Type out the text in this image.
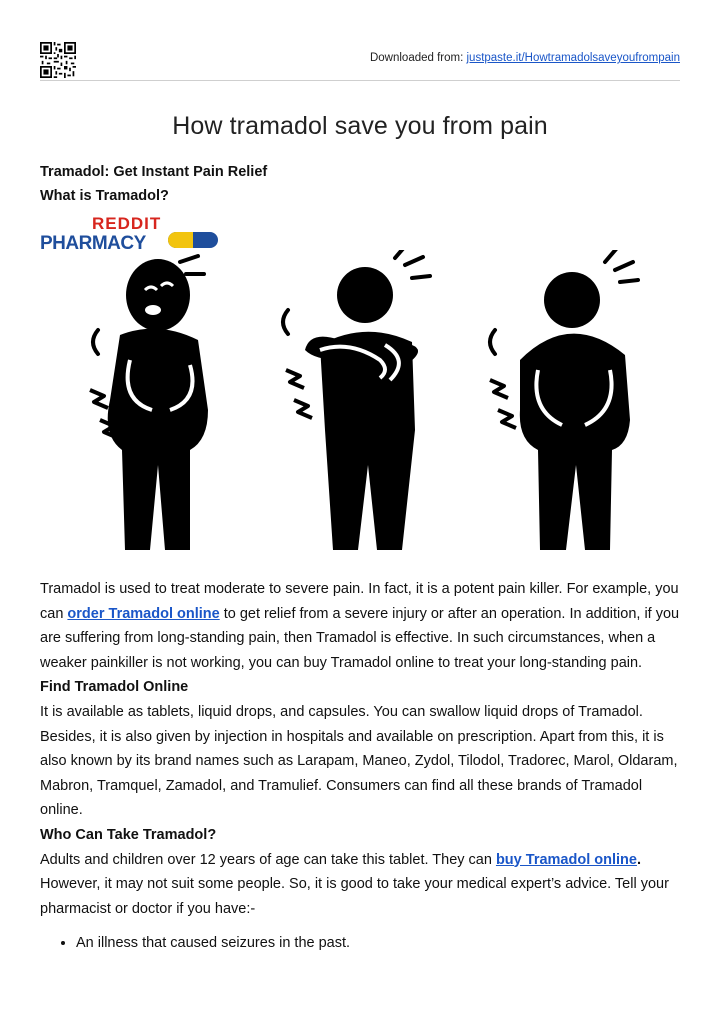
Downloaded from: justpaste.it/Howtramadolsaveyoufrompain
How tramadol save you from pain
Tramadol: Get Instant Pain Relief
What is Tramadol?
REDDIT
PHARMACY

Tramadol is used to treat moderate to severe pain. In fact, it is a potent pain killer. For example, you can order Tramadol online to get relief from a severe injury or after an operation. In addition, if you are suffering from long-standing pain, then Tramadol is effective. In such circumstances, when a weaker painkiller is not working, you can buy Tramadol online to treat your long-standing pain.

Find Tramadol Online

It is available as tablets, liquid drops, and capsules. You can swallow liquid drops of Tramadol. Besides, it is also given by injection in hospitals and available on prescription. Apart from this, it is also known by its brand names such as Larapam, Maneo, Zydol, Tilodol, Tradorec, Marol, Oldaram, Mabron, Tramquel, Zamadol, and Tramulief. Consumers can find all these brands of Tramadol online.

Who Can Take Tramadol?

Adults and children over 12 years of age can take this tablet. They can buy Tramadol online. However, it may not suit some people. So, it is good to take your medical expert’s advice. Tell your pharmacist or doctor if you have:-

• An illness that caused seizures in the past.
